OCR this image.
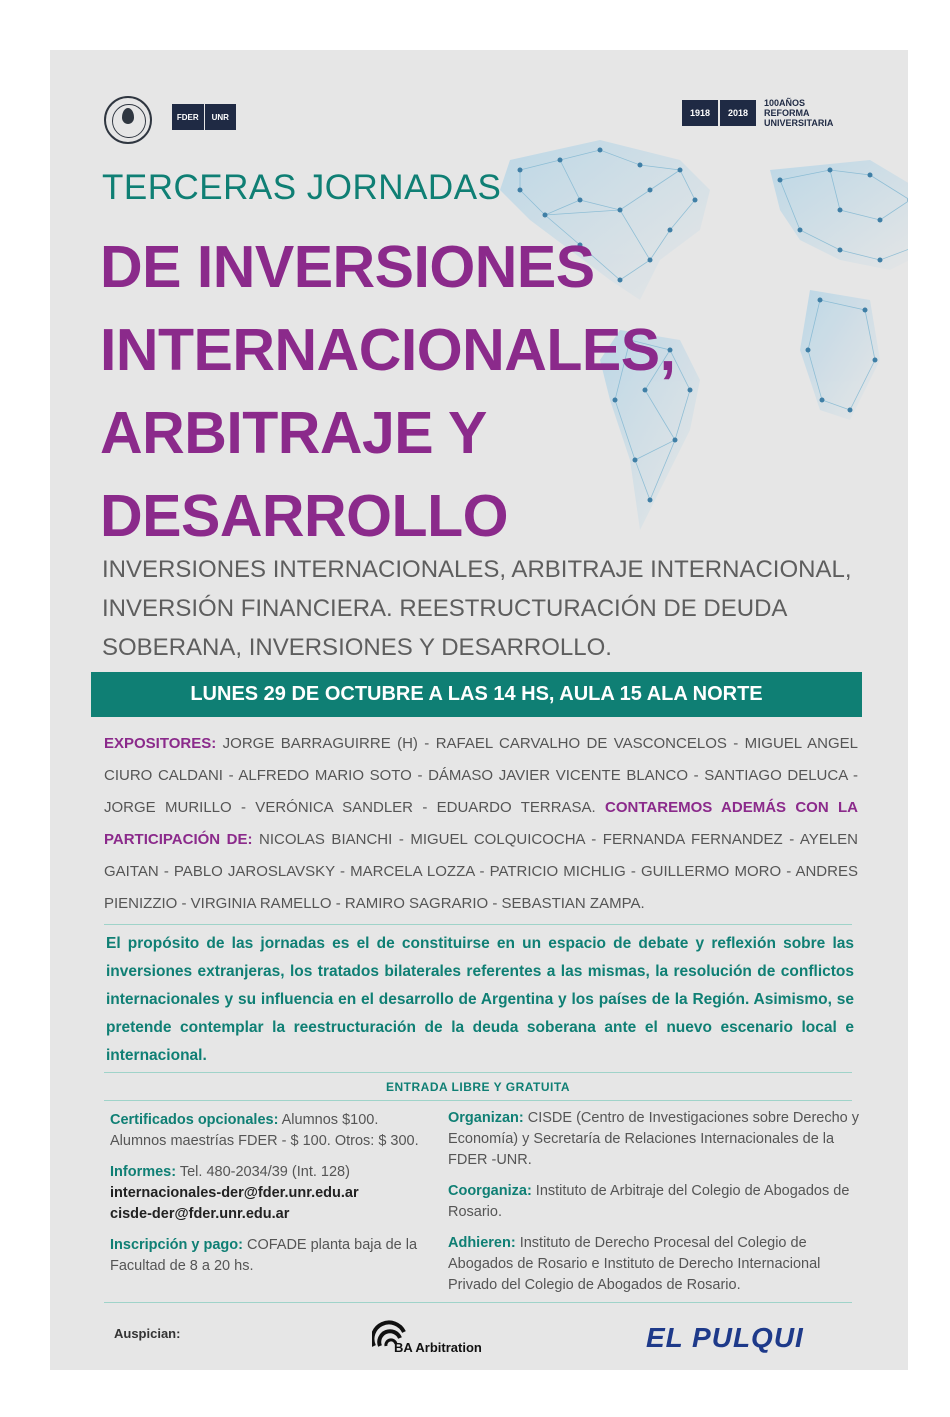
FDER	UNR	1918	2018
100AÑOS
REFORMA
UNIVERSITARIA
TERCERAS JORNADAS
DE INVERSIONES
INTERNACIONALES,
ARBITRAJE Y
DESARROLLO
INVERSIONES INTERNACIONALES, ARBITRAJE INTERNACIONAL,
INVERSIÓN FINANCIERA. REESTRUCTURACIÓN DE DEUDA
SOBERANA, INVERSIONES Y DESARROLLO.
LUNES 29 DE OCTUBRE A LAS 14 HS, AULA 15 ALA NORTE
EXPOSITORES: JORGE BARRAGUIRRE (H) - RAFAEL CARVALHO DE VASCONCELOS - MIGUEL ANGEL CIURO CALDANI - ALFREDO MARIO SOTO - DÁMASO JAVIER VICENTE BLANCO - SANTIAGO DELUCA - JORGE MURILLO - VERÓNICA SANDLER - EDUARDO TERRASA. CONTAREMOS ADEMÁS CON LA PARTICIPACIÓN DE: NICOLAS BIANCHI - MIGUEL COLQUICOCHA - FERNANDA FERNANDEZ - AYELEN GAITAN - PABLO JAROSLAVSKY - MARCELA LOZZA - PATRICIO MICHLIG - GUILLERMO MORO - ANDRES PIENIZZIO - VIRGINIA RAMELLO - RAMIRO SAGRARIO - SEBASTIAN ZAMPA.
El propósito de las jornadas es el de constituirse en un espacio de debate y reflexión sobre las inversiones extranjeras, los tratados bilaterales referentes a las mismas, la resolución de conflictos internacionales y su influencia en el desarrollo de Argentina y los países de la Región. Asimismo, se pretende contemplar la reestructuración de la deuda soberana ante el nuevo escenario local e internacional.
ENTRADA LIBRE Y GRATUITA

Certificados opcionales: Alumnos $100. Alumnos maestrías FDER - $ 100. Otros: $ 300.

Informes: Tel. 480-2034/39 (Int. 128)
internacionales-der@fder.unr.edu.ar
cisde-der@fder.unr.edu.ar

Inscripción y pago: COFADE planta baja de la Facultad de 8 a 20 hs.

Organizan: CISDE (Centro de Investigaciones sobre Derecho y Economía) y Secretaría de Relaciones Internacionales de la FDER -UNR.

Coorganiza: Instituto de Arbitraje del Colegio de Abogados de Rosario.

Adhieren: Instituto de Derecho Procesal del Colegio de Abogados de Rosario e Instituto de Derecho Internacional Privado del Colegio de Abogados de Rosario.

Auspician:
BA Arbitration	EL PULQUI
